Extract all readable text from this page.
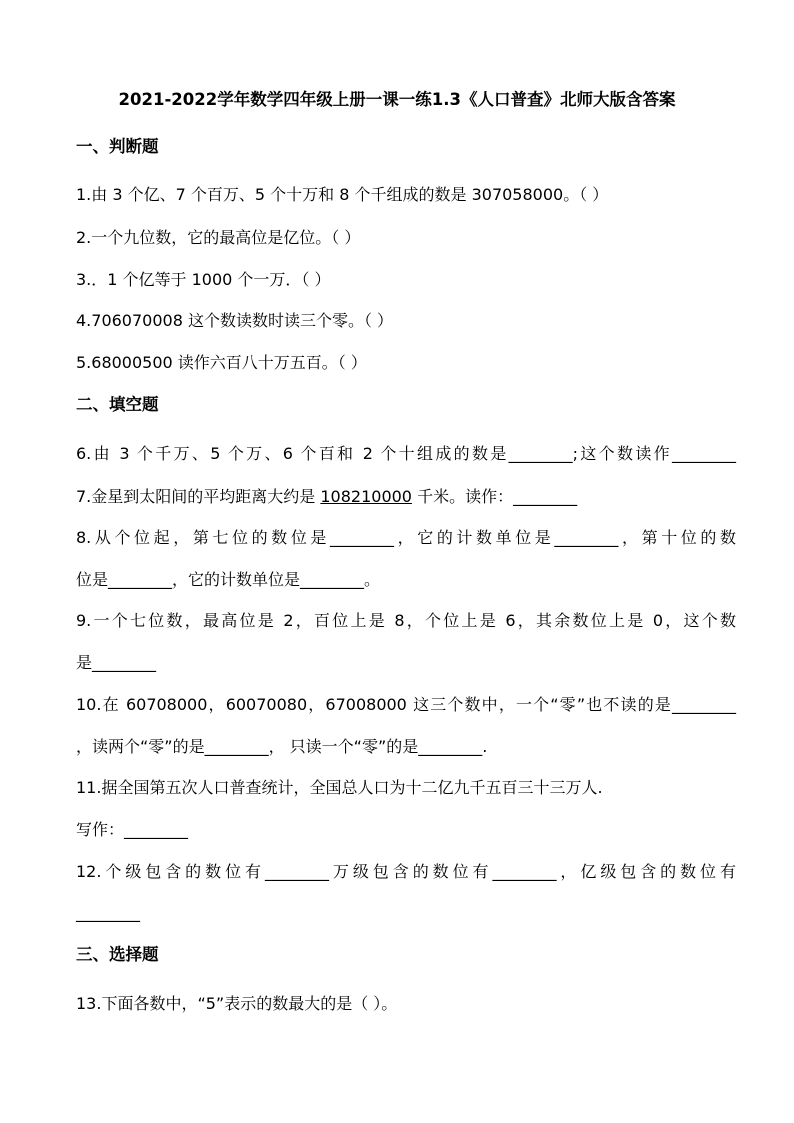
2021-2022学年数学四年级上册一课一练1.3《人口普查》北师大版含答案
一、判断题
1.由 3 个亿、7 个百万、5 个十万和 8 个千组成的数是 307058000。（ ）
2.一个九位数，它的最高位是亿位。（ ）
3.．1 个亿等于 1000 个一万．（ ）
4.706070008 这个数读数时读三个零。（ ）
5.68000500 读作六百八十万五百。（ ）
二、填空题
6.由 3 个千万、5 个万、6 个百和 2 个十组成的数是________;这个数读作________
7.金星到太阳间的平均距离大约是 108210000 千米。读作：________
8.从个位起，第七位的数位是________，它的计数单位是________，第十位的数
位是________，它的计数单位是________。
9.一个七位数，最高位是 2，百位上是 8，个位上是 6，其余数位上是 0，这个数
是________
10.在 60708000，60070080，67008000 这三个数中，一个“零”也不读的是________
，读两个“零”的是________， 只读一个“零”的是________.
11.据全国第五次人口普查统计，全国总人口为十二亿九千五百三十三万人.
写作：________
12.个级包含的数位有________万级包含的数位有________，亿级包含的数位有
________
三、选择题
13.下面各数中，“5”表示的数最大的是（ ）。
